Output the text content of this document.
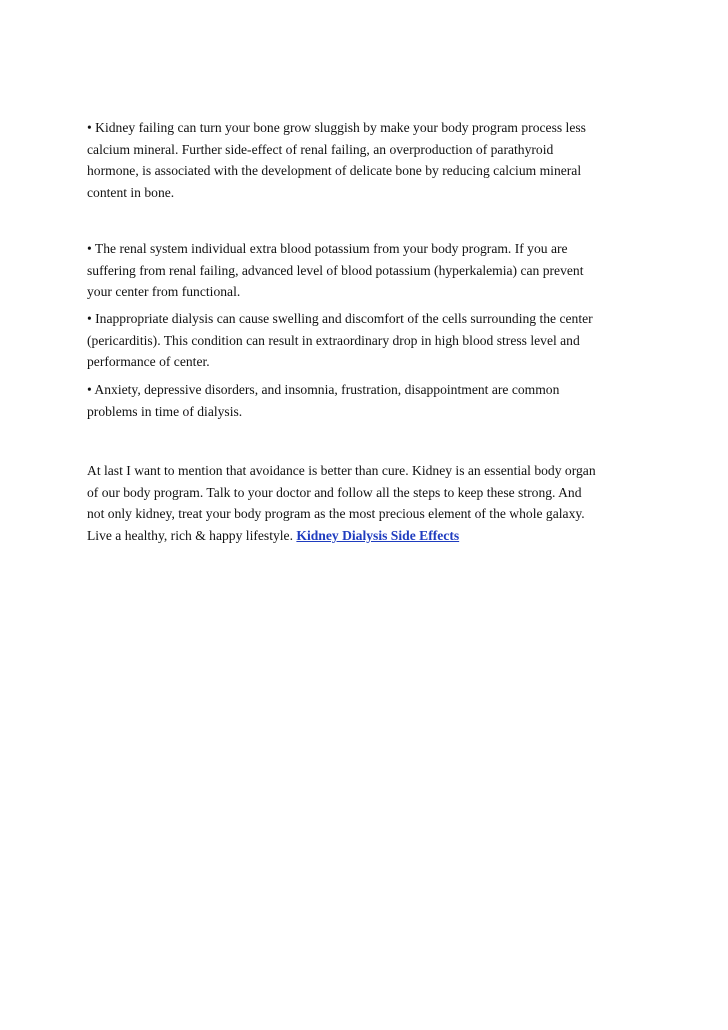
• Kidney failing can turn your bone grow sluggish by make your body program process less
calcium mineral. Further side-effect of renal failing, an overproduction of parathyroid
hormone, is associated with the development of delicate bone by reducing calcium mineral
content in bone.

• The renal system individual extra blood potassium from your body program. If you are
suffering from renal failing, advanced level of blood potassium (hyperkalemia) can prevent
your center from functional.

• Inappropriate dialysis can cause swelling and discomfort of the cells surrounding the center
(pericarditis). This condition can result in extraordinary drop in high blood stress level and
performance of center.

• Anxiety, depressive disorders, and insomnia, frustration, disappointment are common
problems in time of dialysis.

At last I want to mention that avoidance is better than cure. Kidney is an essential body organ
of our body program. Talk to your doctor and follow all the steps to keep these strong. And
not only kidney, treat your body program as the most precious element of the whole galaxy.
Live a healthy, rich & happy lifestyle. Kidney Dialysis Side Effects
